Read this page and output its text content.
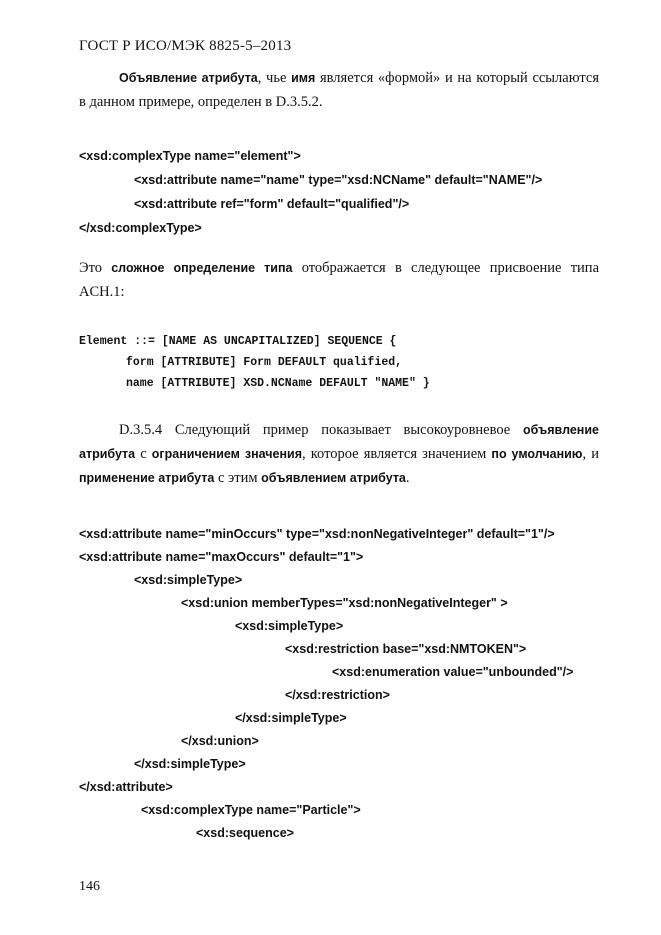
ГОСТ Р ИСО/МЭК 8825-5–2013
Объявление атрибута, чье имя является «формой» и на который ссылаются в данном примере, определен в D.3.5.2.
<xsd:complexType name="element">
<xsd:attribute name="name" type="xsd:NCName" default="NAME"/>
<xsd:attribute ref="form" default="qualified"/>
</xsd:complexType>
Это сложное определение типа отображается в следующее присвоение типа ACH.1:
Element ::= [NAME AS UNCAPITALIZED] SEQUENCE {
form [ATTRIBUTE] Form DEFAULT qualified,
name [ATTRIBUTE] XSD.NCName DEFAULT "NAME" }
D.3.5.4 Следующий пример показывает высокоуровневое объявление атрибута с ограничением значения, которое является значением по умолчанию, и применение атрибута с этим объявлением атрибута.
<xsd:attribute name="minOccurs" type="xsd:nonNegativeInteger" default="1"/>
<xsd:attribute name="maxOccurs" default="1">
<xsd:simpleType>
<xsd:union memberTypes="xsd:nonNegativeInteger" >
<xsd:simpleType>
<xsd:restriction base="xsd:NMTOKEN">
<xsd:enumeration value="unbounded"/>
</xsd:restriction>
</xsd:simpleType>
</xsd:union>
</xsd:simpleType>
</xsd:attribute>
<xsd:complexType name="Particle">
<xsd:sequence>
146
